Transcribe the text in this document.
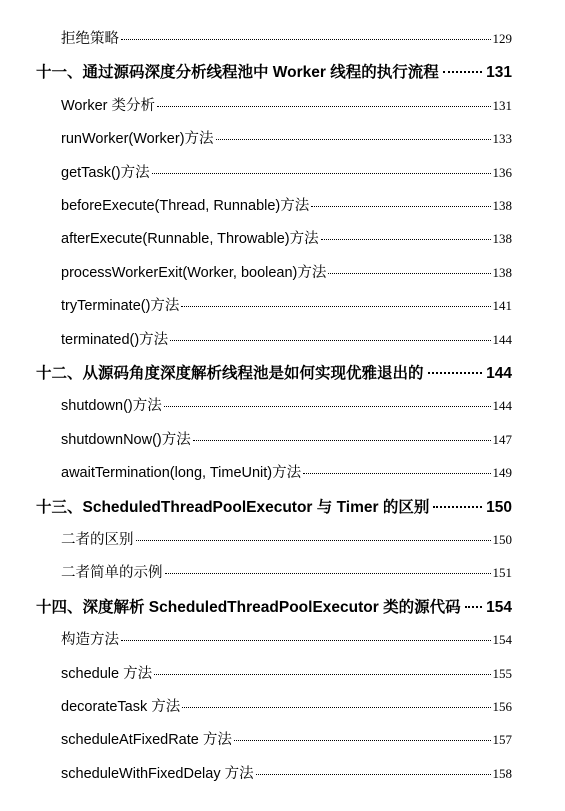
拒绝策略	129
十一、通过源码深度分析线程池中 Worker 线程的执行流程	131
Worker 类分析	131
runWorker(Worker)方法	133
getTask()方法	136
beforeExecute(Thread, Runnable)方法	138
afterExecute(Runnable, Throwable)方法	138
processWorkerExit(Worker, boolean)方法	138
tryTerminate()方法	141
terminated()方法	144
十二、从源码角度深度解析线程池是如何实现优雅退出的	144
shutdown()方法	144
shutdownNow()方法	147
awaitTermination(long, TimeUnit)方法	149
十三、ScheduledThreadPoolExecutor 与 Timer 的区别	150
二者的区别	150
二者简单的示例	151
十四、深度解析 ScheduledThreadPoolExecutor 类的源代码 154
构造方法	154
schedule 方法	155
decorateTask 方法	156
scheduleAtFixedRate 方法	157
scheduleWithFixedDelay 方法	158
